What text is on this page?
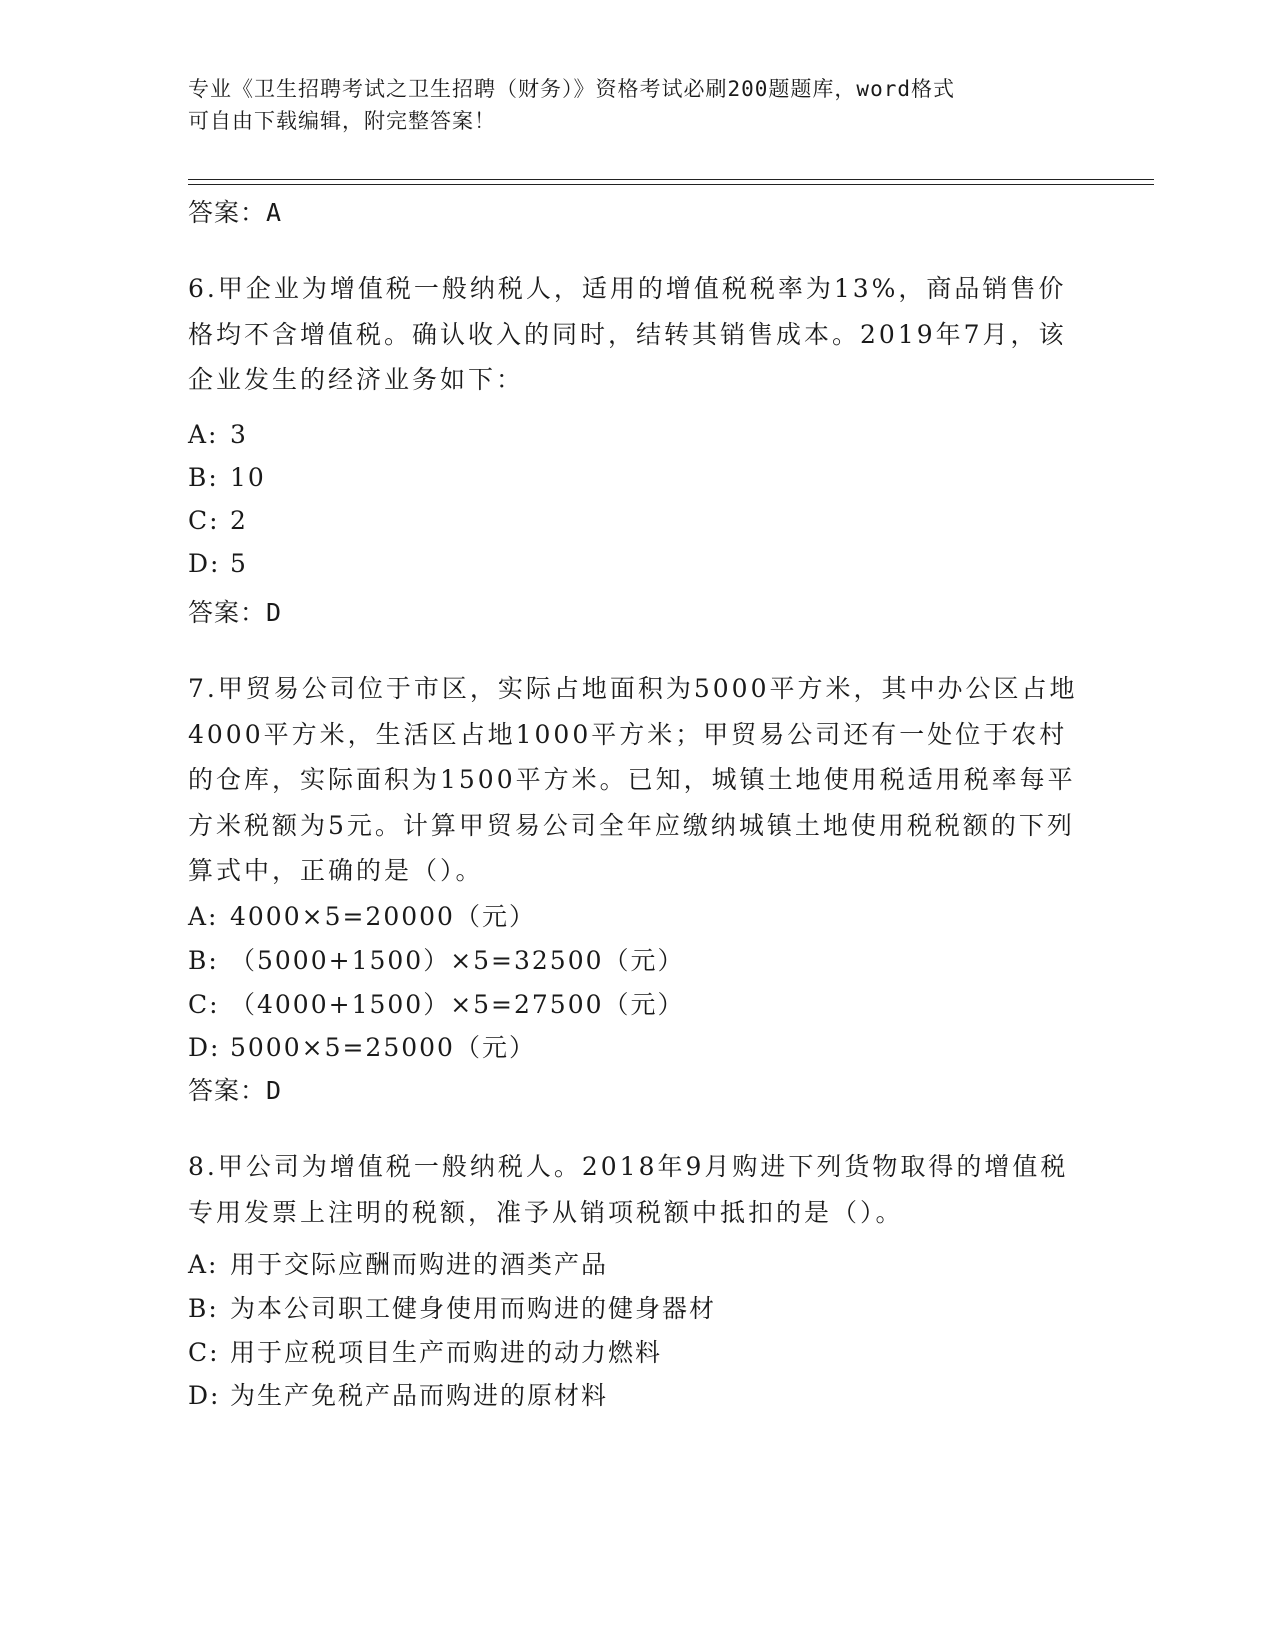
专业《卫生招聘考试之卫生招聘（财务）》资格考试必刷200题题库，word格式
可自由下载编辑，附完整答案！
答案：A
6.甲企业为增值税一般纳税人，适用的增值税税率为13%，商品销售价格均不含增值税。确认收入的同时，结转其销售成本。2019年7月，该企业发生的经济业务如下：
A: 3
B: 10
C: 2
D: 5
答案：D
7.甲贸易公司位于市区，实际占地面积为5000平方米，其中办公区占地4000平方米，生活区占地1000平方米；甲贸易公司还有一处位于农村的仓库，实际面积为1500平方米。已知，城镇土地使用税适用税率每平方米税额为5元。计算甲贸易公司全年应缴纳城镇土地使用税税额的下列算式中，正确的是（）。
A: 4000×5=20000（元）
B: （5000+1500）×5=32500（元）
C: （4000+1500）×5=27500（元）
D: 5000×5=25000（元）
答案：D
8.甲公司为增值税一般纳税人。2018年9月购进下列货物取得的增值税专用发票上注明的税额，准予从销项税额中抵扣的是（）。
A: 用于交际应酬而购进的酒类产品
B: 为本公司职工健身使用而购进的健身器材
C: 用于应税项目生产而购进的动力燃料
D: 为生产免税产品而购进的原材料
